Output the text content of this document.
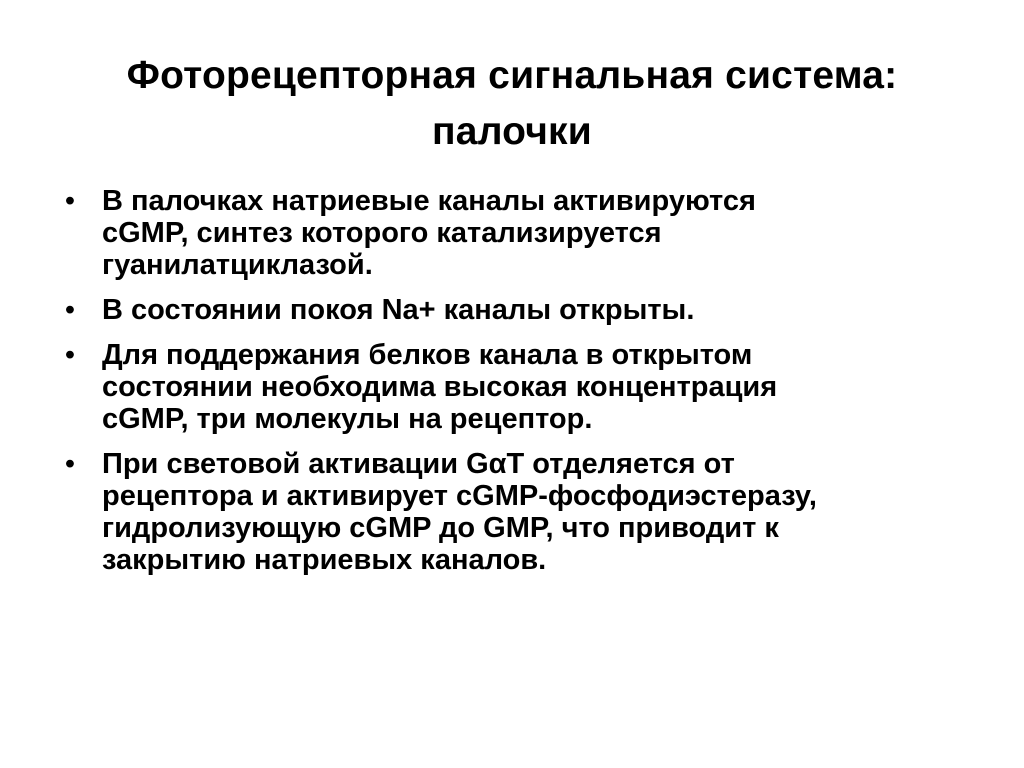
Фоторецепторная сигнальная система:
палочки
• В палочках натриевые каналы активируются
cGMP, синтез которого катализируется
гуанилатциклазой.
• В состоянии покоя Na+ каналы открыты.
• Для поддержания белков канала в открытом
состоянии необходима высокая концентрация
cGMP, три молекулы на рецептор.
• При световой активации GαT отделяется от
рецептора и активирует cGMP-фосфодиэстеразу,
гидролизующую cGMP до GMP, что приводит к
закрытию натриевых каналов.
